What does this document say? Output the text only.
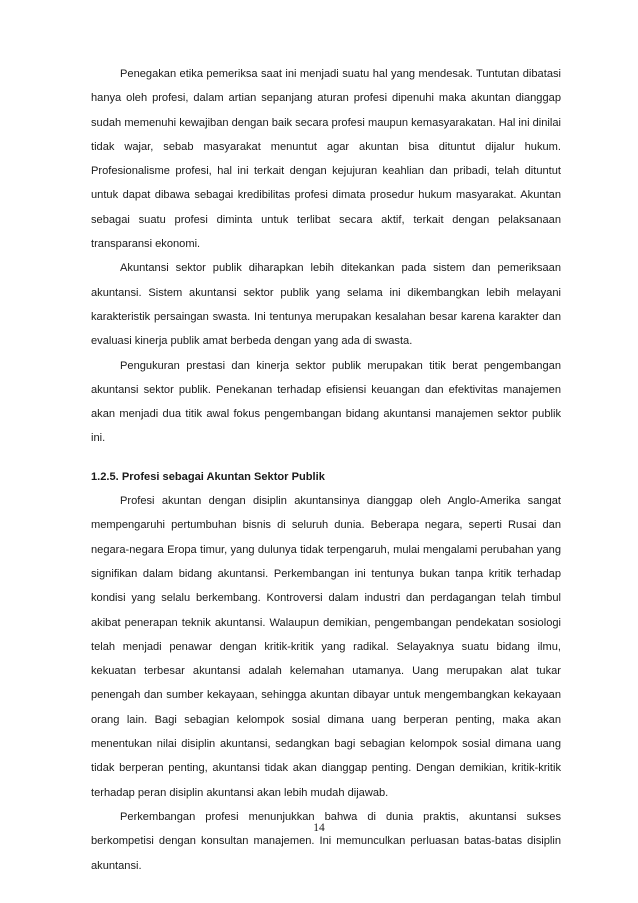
Penegakan etika pemeriksa saat ini menjadi suatu hal yang mendesak. Tuntutan dibatasi hanya oleh profesi, dalam artian sepanjang aturan profesi dipenuhi maka akuntan dianggap sudah memenuhi kewajiban dengan baik secara profesi maupun kemasyarakatan. Hal ini dinilai tidak wajar, sebab masyarakat menuntut agar akuntan bisa dituntut dijalur hukum. Profesionalisme profesi, hal ini terkait dengan kejujuran keahlian dan pribadi, telah dituntut untuk dapat dibawa sebagai kredibilitas profesi dimata prosedur hukum masyarakat. Akuntan sebagai suatu profesi diminta untuk terlibat secara aktif, terkait dengan pelaksanaan transparansi ekonomi.

Akuntansi sektor publik diharapkan lebih ditekankan pada sistem dan pemeriksaan akuntansi. Sistem akuntansi sektor publik yang selama ini dikembangkan lebih melayani karakteristik persaingan swasta. Ini tentunya merupakan kesalahan besar karena karakter dan evaluasi kinerja publik amat berbeda dengan yang ada di swasta.

Pengukuran prestasi dan kinerja sektor publik merupakan titik berat pengembangan akuntansi sektor publik. Penekanan terhadap efisiensi keuangan dan efektivitas manajemen akan menjadi dua titik awal fokus pengembangan bidang akuntansi manajemen sektor publik ini.

1.2.5. Profesi sebagai Akuntan Sektor Publik

Profesi akuntan dengan disiplin akuntansinya dianggap oleh Anglo-Amerika sangat mempengaruhi pertumbuhan bisnis di seluruh dunia. Beberapa negara, seperti Rusai dan negara-negara Eropa timur, yang dulunya tidak terpengaruh, mulai mengalami perubahan yang signifikan dalam bidang akuntansi. Perkembangan ini tentunya bukan tanpa kritik terhadap kondisi yang selalu berkembang. Kontroversi dalam industri dan perdagangan telah timbul akibat penerapan teknik akuntansi. Walaupun demikian, pengembangan pendekatan sosiologi telah menjadi penawar dengan kritik-kritik yang radikal. Selayaknya suatu bidang ilmu, kekuatan terbesar akuntansi adalah kelemahan utamanya. Uang merupakan alat tukar penengah dan sumber kekayaan, sehingga akuntan dibayar untuk mengembangkan kekayaan orang lain. Bagi sebagian kelompok sosial dimana uang berperan penting, maka akan menentukan nilai disiplin akuntansi, sedangkan bagi sebagian kelompok sosial dimana uang tidak berperan penting, akuntansi tidak akan dianggap penting. Dengan demikian, kritik-kritik terhadap peran disiplin akuntansi akan lebih mudah dijawab.

Perkembangan profesi menunjukkan bahwa di dunia praktis, akuntansi sukses berkompetisi dengan konsultan manajemen. Ini memunculkan perluasan batas-batas disiplin akuntansi.

14
